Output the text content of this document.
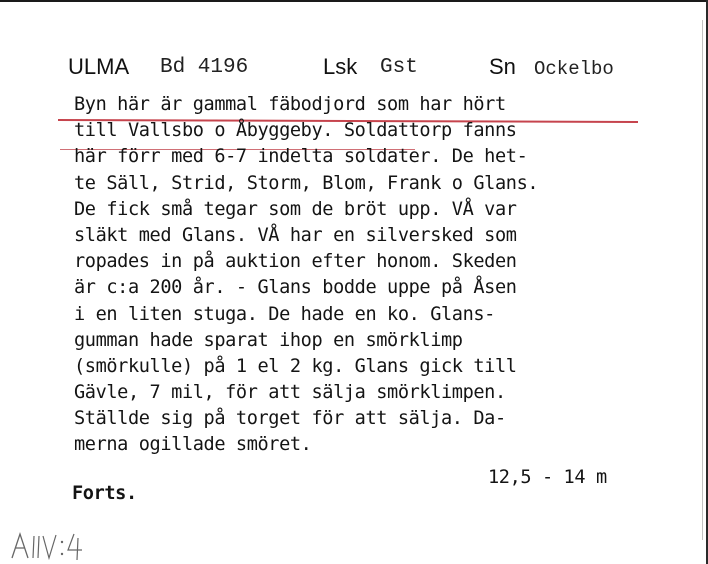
ULMA Bd 4196	Lsk Gst	Sn Ockelbo
Byn här är gammal fäbodjord som har hört
till Vallsbo o Åbyggeby. Soldattorp fanns
här förr med 6-7 indelta soldater. De het-
te Säll, Strid, Storm, Blom, Frank o Glans.
De fick små tegar som de bröt upp. VÅ var
släkt med Glans. VÅ har en silversked som
ropades in på auktion efter honom. Skeden
är c:a 200 år. - Glans bodde uppe på Åsen
i en liten stuga. De hade en ko. Glans-
gumman hade sparat ihop en smörklimp
(smörkulle) på 1 el 2 kg. Glans gick till
Gävle, 7 mil, för att sälja smörklimpen.
Ställde sig på torget för att sälja. Da-
merna ogillade smöret.
12,5 - 14 m
Forts.
